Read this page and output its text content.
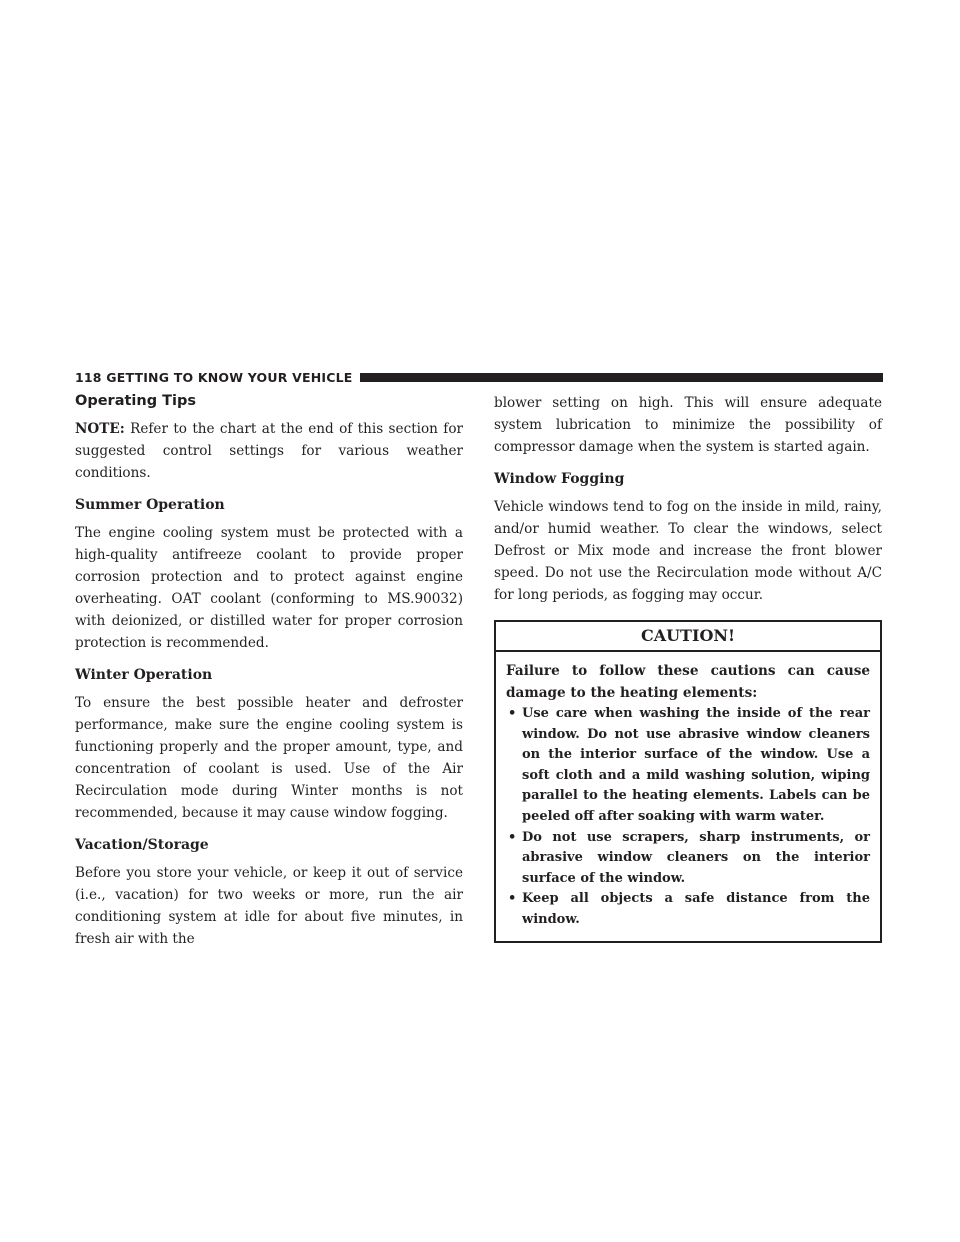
118 GETTING TO KNOW YOUR VEHICLE
Operating Tips

NOTE: Refer to the chart at the end of this section for suggested control settings for various weather conditions.

Summer Operation

The engine cooling system must be protected with a high-quality antifreeze coolant to provide proper corrosion protection and to protect against engine overheating. OAT coolant (conforming to MS.90032) with deionized, or distilled water for proper corrosion protection is recommended.

Winter Operation

To ensure the best possible heater and defroster performance, make sure the engine cooling system is functioning properly and the proper amount, type, and concentration of coolant is used. Use of the Air Recirculation mode during Winter months is not recommended, because it may cause window fogging.

Vacation/Storage

Before you store your vehicle, or keep it out of service (i.e., vacation) for two weeks or more, run the air conditioning system at idle for about five minutes, in fresh air with the

blower setting on high. This will ensure adequate system lubrication to minimize the possibility of compressor damage when the system is started again.

Window Fogging

Vehicle windows tend to fog on the inside in mild, rainy, and/or humid weather. To clear the windows, select Defrost or Mix mode and increase the front blower speed. Do not use the Recirculation mode without A/C for long periods, as fogging may occur.

CAUTION!

Failure to follow these cautions can cause damage to the heating elements:

• Use care when washing the inside of the rear window. Do not use abrasive window cleaners on the interior surface of the window. Use a soft cloth and a mild washing solution, wiping parallel to the heating elements. Labels can be peeled off after soaking with warm water.
• Do not use scrapers, sharp instruments, or abrasive window cleaners on the interior surface of the window.
• Keep all objects a safe distance from the window.
